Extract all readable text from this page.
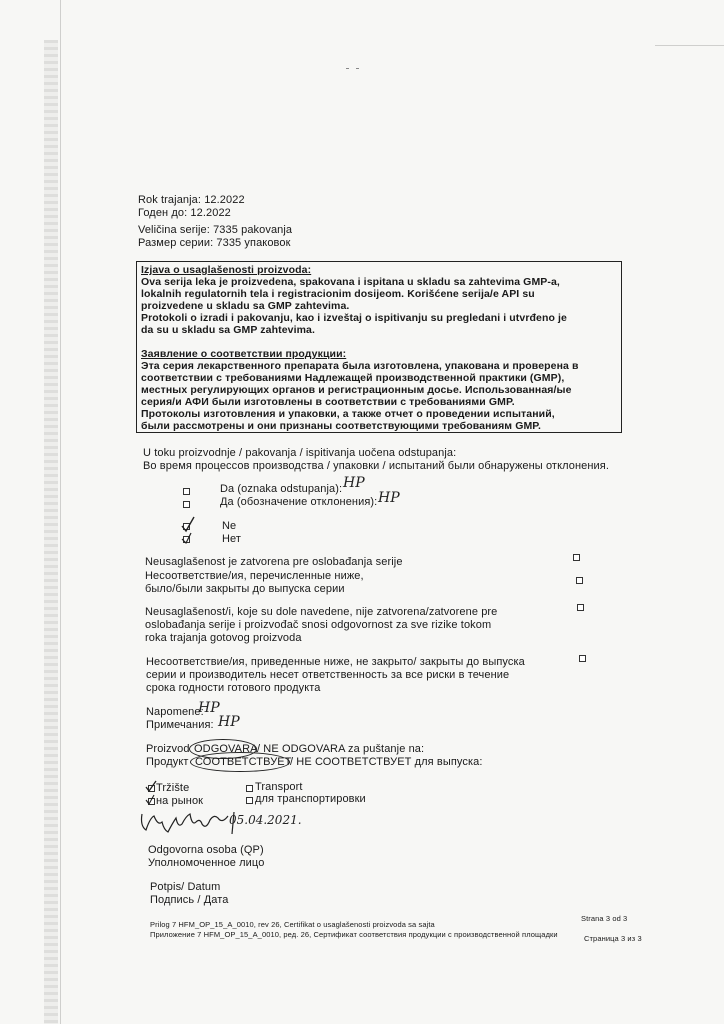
Rok trajanja: 12.2022
Годен до: 12.2022
Veličina serije: 7335 pakovanja
Размер серии: 7335 упаковок
Izjava o usaglašenosti proizvoda:
Ova serija leka je proizvedena, spakovana i ispitana u skladu sa zahtevima GMP-a,
lokalnih regulatornih tela i registracionim dosijeom. Korišćene serija/e API su
proizvedene u skladu sa GMP zahtevima.
Protokoli o izradi i pakovanju, kao i izveštaj o ispitivanju su pregledani i utvrđeno je
da su u skladu sa GMP zahtevima.
Заявление о соответствии продукции:
Эта серия лекарственного препарата была изготовлена, упакована и проверена в
соответствии с требованиями Надлежащей производственной практики (GMP),
местных регулирующих органов и регистрационным досье. Использованная/ые
серия/и АФИ были изготовлены в соответствии с требованиями GMP.
Протоколы изготовления и упаковки, а также отчет о проведении испытаний,
были рассмотрены и они признаны соответствующими требованиям GMP.
U toku proizvodnje / pakovanja / ispitivanja uočena odstupanja:
Во время процессов производства / упаковки / испытаний были обнаружены отклонения.
Da (oznaka odstupanja):
Да (обозначение отклонения):
HP
HP
Ne
Нет
Neusaglašenost je zatvorena pre oslobađanja serije
Несоответствие/ия, перечисленные ниже,
было/были закрыты до выпуска серии
Neusaglašenost/i, koje su dole navedene, nije zatvorena/zatvorene pre
oslobađanja serije i proizvođač snosi odgovornost za sve rizike tokom
roka trajanja gotovog proizvoda
Несоответствие/ия, приведенные ниже, не закрыто/ закрыты до выпуска
серии и производитель несет ответственность за все риски в течение
срока годности готового продукта
Napomene:
Примечания:
HP
HP
Proizvod ODGOVARA / NE ODGOVARA za puštanje na:
Продукт СООТВЕТСТВУЕТ
/ НЕ СООТВЕТСТВУЕТ для выпуска:
Tržište
на рынок
Transport
для транспортировки
05.04.2021.
Odgovorna osoba (QP)
Уполномоченное лицо
Potpis/ Datum
Подпись / Дата
Prilog 7 HFM_OP_15_A_0010, rev 26, Certifikat o usaglašenosti proizvoda sa sajta
Приложение 7 HFM_OP_15_A_0010, ред. 26, Сертификат соответствия продукции с производственной площадки
Strana 3 od 3
Страница 3 из 3
